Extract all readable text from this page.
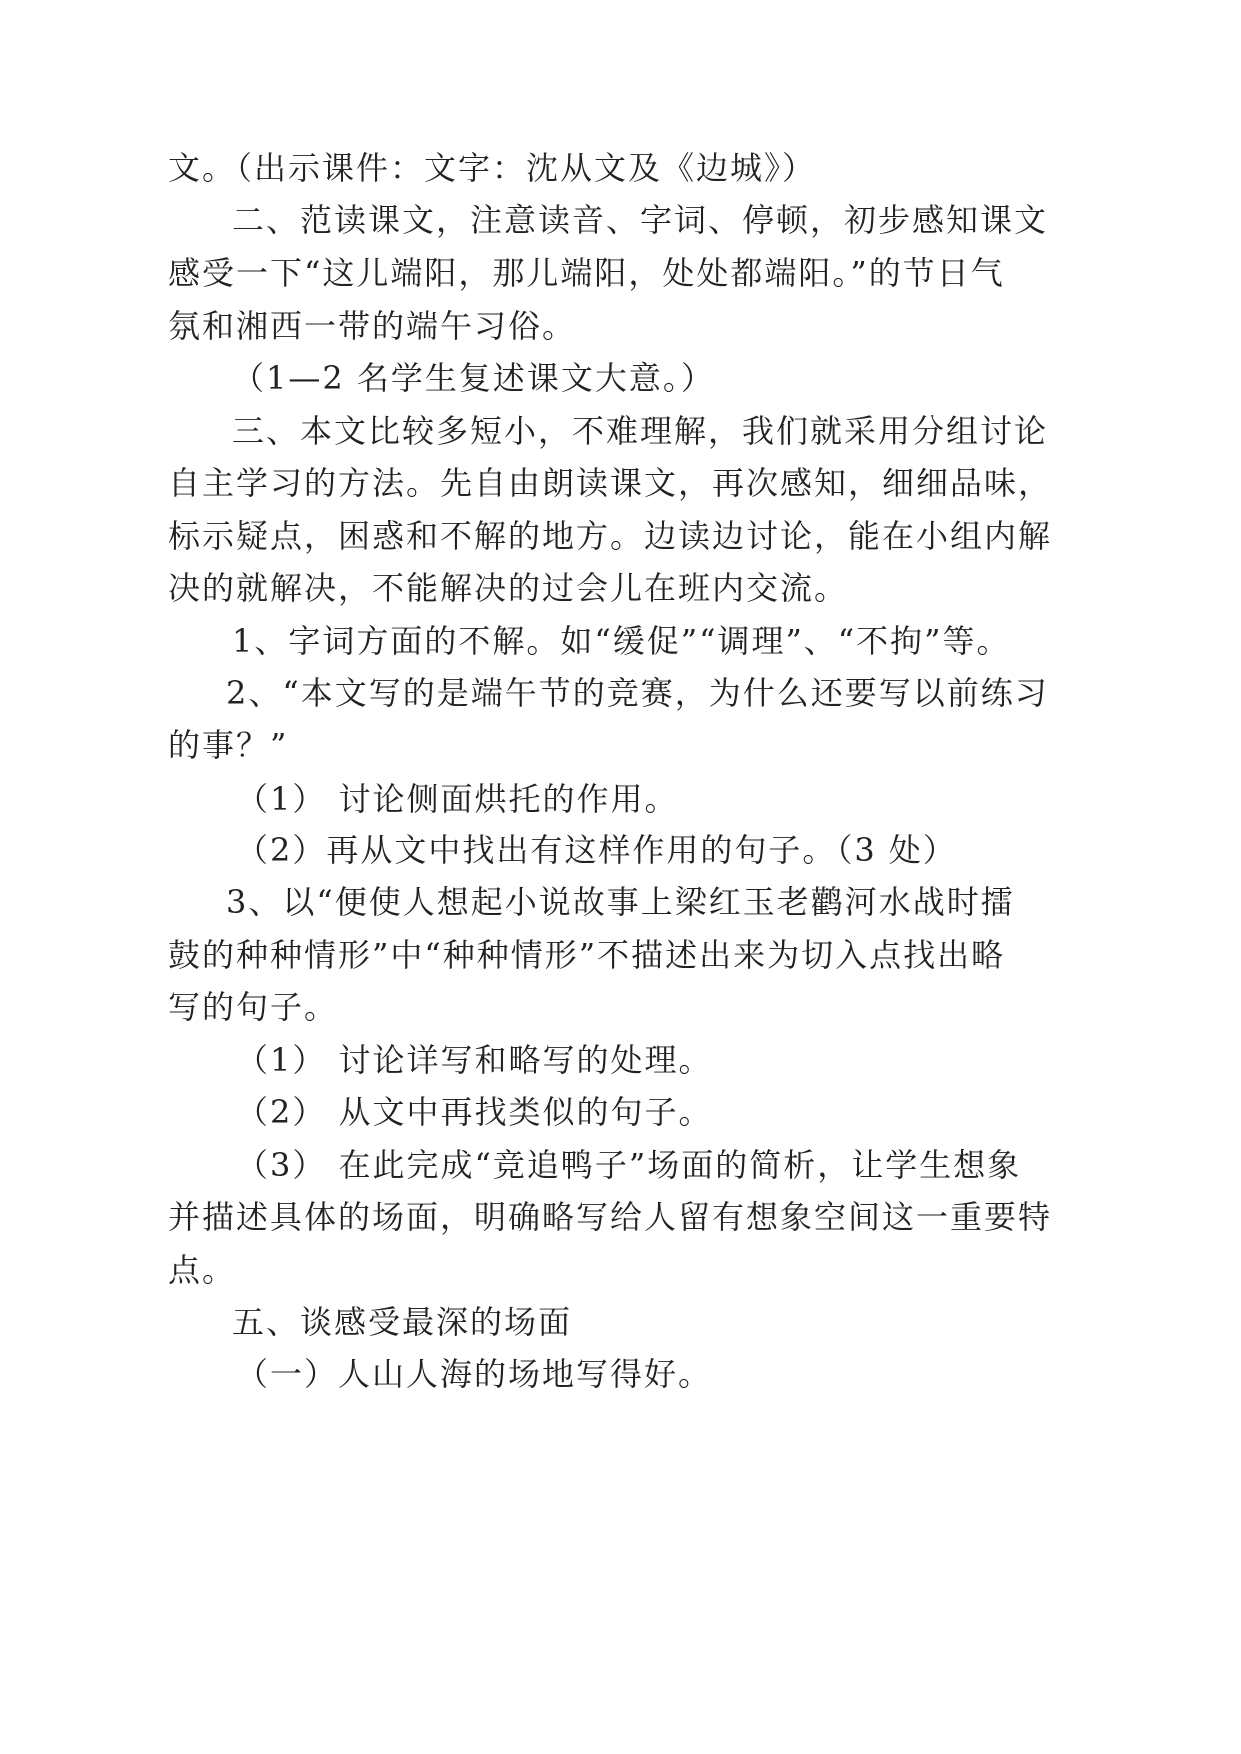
文。（出示课件：文字：沈从文及《边城》）
二、范读课文，注意读音、字词、停顿，初步感知课文
感受一下“这儿端阳，那儿端阳，处处都端阳。”的节日气
氛和湘西一带的端午习俗。
（1—2 名学生复述课文大意。）
三、本文比较多短小，不难理解，我们就采用分组讨论
自主学习的方法。先自由朗读课文，再次感知，细细品味，
标示疑点，困惑和不解的地方。边读边讨论，能在小组内解
决的就解决，不能解决的过会儿在班内交流。
1、字词方面的不解。如“缓促”“调理”、“不拘”等。
2、“本文写的是端午节的竞赛，为什么还要写以前练习
的事？”
（1） 讨论侧面烘托的作用。
（2）再从文中找出有这样作用的句子。（3 处）
3、以“便使人想起小说故事上梁红玉老鹳河水战时擂
鼓的种种情形”中“种种情形”不描述出来为切入点找出略
写的句子。
（1） 讨论详写和略写的处理。
（2） 从文中再找类似的句子。
（3） 在此完成“竞追鸭子”场面的简析，让学生想象
并描述具体的场面，明确略写给人留有想象空间这一重要特
点。
五、谈感受最深的场面
（一）人山人海的场地写得好。
